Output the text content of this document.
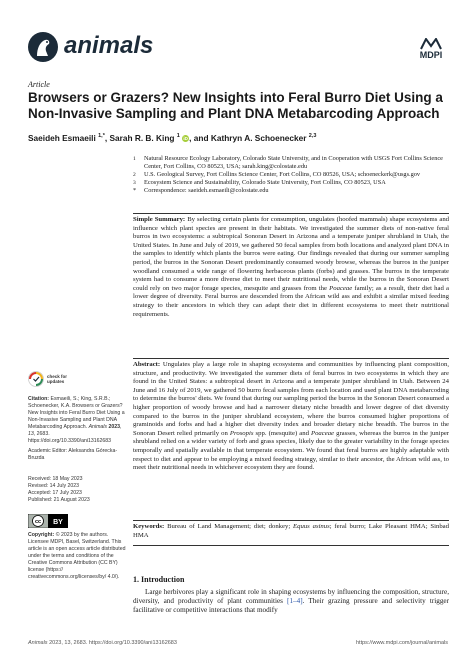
animals	MDPI
Article
Browsers or Grazers? New Insights into Feral Burro Diet Using a Non-Invasive Sampling and Plant DNA Metabarcoding Approach
Saeideh Esmaeili $^{1,*}$, Sarah R. B. King $^1$ iD, and Kathryn A. Schoenecker $^{2,3}$
1	Natural Resource Ecology Laboratory, Colorado State University, and in Cooperation with USGS Fort Collins Science Center, Fort Collins, CO 80523, USA; sarah.king@colostate.edu
2	U.S. Geological Survey, Fort Collins Science Center, Fort Collins, CO 80526, USA; schoeneckerk@usgs.gov
3	Ecosystem Science and Sustainability, Colorado State University, Fort Collins, CO 80523, USA
*	Correspondence: saeideh.esmaeili@colostate.edu
Simple Summary: By selecting certain plants for consumption, ungulates (hoofed mammals) shape ecosystems and influence which plant species are present in their habitats. We investigated the summer diets of non-native feral burros in two ecosystems: a subtropical Sonoran Desert in Arizona and a temperate juniper shrubland in Utah, the United States. In June and July of 2019, we gathered 50 fecal samples from both locations and analyzed plant DNA in the samples to identify which plants the burros were eating. Our findings revealed that during our summer sampling period, the burros in the Sonoran Desert predominantly consumed woody browse, whereas the burros in the juniper woodland consumed a wide range of flowering herbaceous plants (forbs) and grasses. The burros in the temperate system had to consume a more diverse diet to meet their nutritional needs, while the burros in the Sonoran Desert could rely on two major forage species, mesquite and grasses from the Poaceae family; as a result, their diet had a lower degree of diversity. Feral burros are descended from the African wild ass and exhibit a similar mixed feeding strategy to their ancestors in which they can adapt their diet in different ecosystems to meet their nutritional requirements.
Abstract: Ungulates play a large role in shaping ecosystems and communities by influencing plant composition, structure, and productivity. We investigated the summer diets of feral burros in two ecosystems in which they are found in the United States: a subtropical desert in Arizona and a temperate juniper shrubland in Utah. Between 24 June and 16 July of 2019, we gathered 50 burro fecal samples from each location and used plant DNA metabarcoding to determine the burros' diets. We found that during our sampling period the burros in the Sonoran Desert consumed a higher proportion of woody browse and had a narrower dietary niche breadth and lower degree of diet diversity compared to the burros in the juniper shrubland ecosystem, where the burros consumed higher proportions of graminoids and forbs and had a higher diet diversity index and broader dietary niche breadth. The burros in the Sonoran Desert relied primarily on Prosopis spp. (mesquite) and Poaceae grasses, whereas the burros in the juniper shrubland relied on a wider variety of forb and grass species, likely due to the greater variability in the forage species temporally and spatially available in that temperate ecosystem. We found that feral burros are highly adaptable with respect to diet and appear to be employing a mixed feeding strategy, similar to their ancestor, the African wild ass, to meet their nutritional needs in whichever ecosystem they are found.
Keywords: Bureau of Land Management; diet; donkey; Equus asinus; feral burro; Lake Pleasant HMA; Sinbad HMA
1. Introduction
Large herbivores play a significant role in shaping ecosystems by influencing the composition, structure, diversity, and productivity of plant communities [1–4]. Their grazing pressure and selectivity trigger facilitative or competitive interactions that modify
check for
updates
Citation: Esmaeili, S.; King, S.R.B.; Schoenecker, K.A. Browsers or Grazers? New Insights into Feral Burro Diet Using a Non-Invasive Sampling and Plant DNA Metabarcoding Approach. Animals 2023, 13, 2683. https://doi.org/10.3390/ani13162683
Academic Editor: Aleksandra Górecka-Bruzda
Received: 18 May 2023
Revised: 14 July 2023
Accepted: 17 July 2023
Published: 21 August 2023
cc BY
Copyright: © 2023 by the authors. Licensee MDPI, Basel, Switzerland. This article is an open access article distributed under the terms and conditions of the Creative Commons Attribution (CC BY) license (https:// creativecommons.org/licenses/by/ 4.0/).
Animals 2023, 13, 2683. https://doi.org/10.3390/ani13162683	https://www.mdpi.com/journal/animals
